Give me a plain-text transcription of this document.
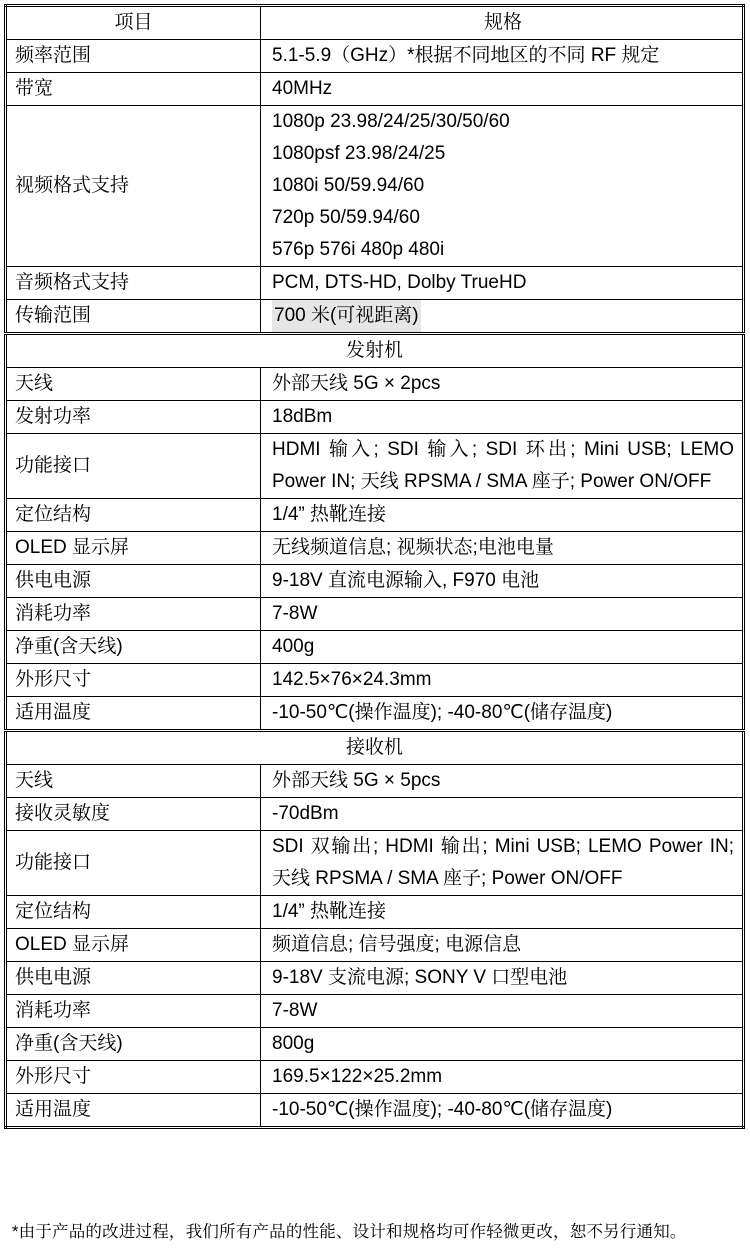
项目	规格
频率范围	5.1-5.9（GHz）*根据不同地区的不同 RF 规定

带宽	40MHz

视频格式支持	1080p 23.98/24/25/30/50/60
1080psf 23.98/24/25
1080i 50/59.94/60
720p 50/59.94/60
576p 576i 480p 480i

音频格式支持	PCM, DTS-HD, Dolby TrueHD

传输范围	700 米(可视距离)
发射机	
天线	外部天线 5G × 2pcs

发射功率	18dBm

功能接口	HDMI 输入; SDI 输入; SDI 环出; Mini USB; LEMO Power IN; 天线 RPSMA / SMA 座子; Power ON/OFF

定位结构	1/4” 热靴连接

OLED 显示屏	无线频道信息; 视频状态;电池电量

供电电源	9-18V 直流电源输入, F970 电池

消耗功率	7-8W

净重(含天线)	400g

外形尺寸	142.5×76×24.3mm

适用温度	-10-50℃(操作温度); -40-80℃(储存温度)

接收机	
天线	外部天线 5G × 5pcs

接收灵敏度	-70dBm

功能接口	SDI 双输出; HDMI 输出; Mini USB; LEMO Power IN; 天线 RPSMA / SMA 座子; Power ON/OFF

定位结构	1/4” 热靴连接

OLED 显示屏	频道信息; 信号强度; 电源信息

供电电源	9-18V 支流电源; SONY V 口型电池

消耗功率	7-8W

净重(含天线)	800g

外形尺寸	169.5×122×25.2mm

适用温度	-10-50℃(操作温度); -40-80℃(储存温度)
*由于产品的改进过程，我们所有产品的性能、设计和规格均可作轻微更改，恕不另行通知。
